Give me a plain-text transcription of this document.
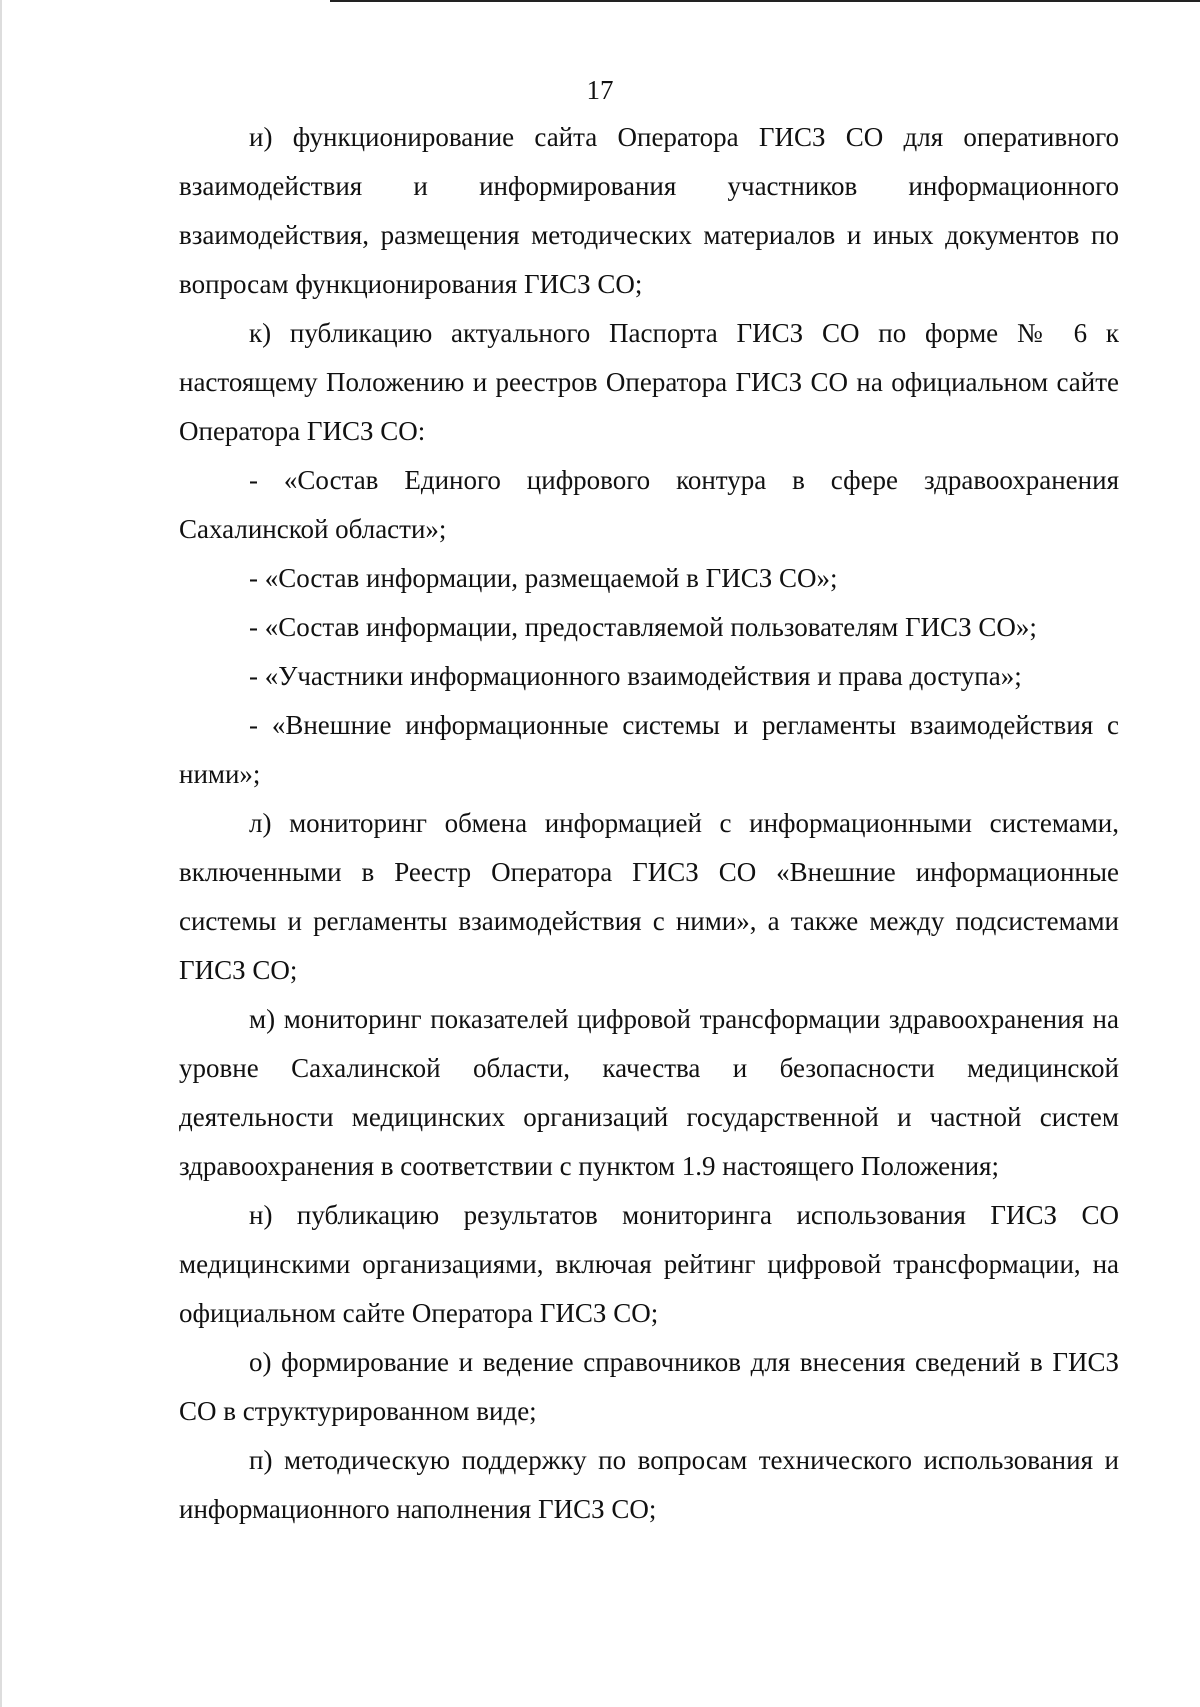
17

и) функционирование сайта Оператора ГИСЗ СО для оперативного взаимодействия и информирования участников информационного взаимодействия, размещения методических материалов и иных документов по вопросам функционирования ГИСЗ СО;

к) публикацию актуального Паспорта ГИСЗ СО по форме № 6 к настоящему Положению и реестров Оператора ГИСЗ СО на официальном сайте Оператора ГИСЗ СО:

- «Состав Единого цифрового контура в сфере здравоохранения Сахалинской области»;

- «Состав информации, размещаемой в ГИСЗ СО»;

- «Состав информации, предоставляемой пользователям ГИСЗ СО»;

- «Участники информационного взаимодействия и права доступа»;

- «Внешние информационные системы и регламенты взаимодействия с ними»;

л) мониторинг обмена информацией с информационными системами, включенными в Реестр Оператора ГИСЗ СО «Внешние информационные системы и регламенты взаимодействия с ними», а также между подсистемами ГИСЗ СО;

м) мониторинг показателей цифровой трансформации здравоохранения на уровне Сахалинской области, качества и безопасности медицинской деятельности медицинских организаций государственной и частной систем здравоохранения в соответствии с пунктом 1.9 настоящего Положения;

н) публикацию результатов мониторинга использования ГИСЗ СО медицинскими организациями, включая рейтинг цифровой трансформации, на официальном сайте Оператора ГИСЗ СО;

о) формирование и ведение справочников для внесения сведений в ГИСЗ СО в структурированном виде;

п) методическую поддержку по вопросам технического использования и информационного наполнения ГИСЗ СО;
